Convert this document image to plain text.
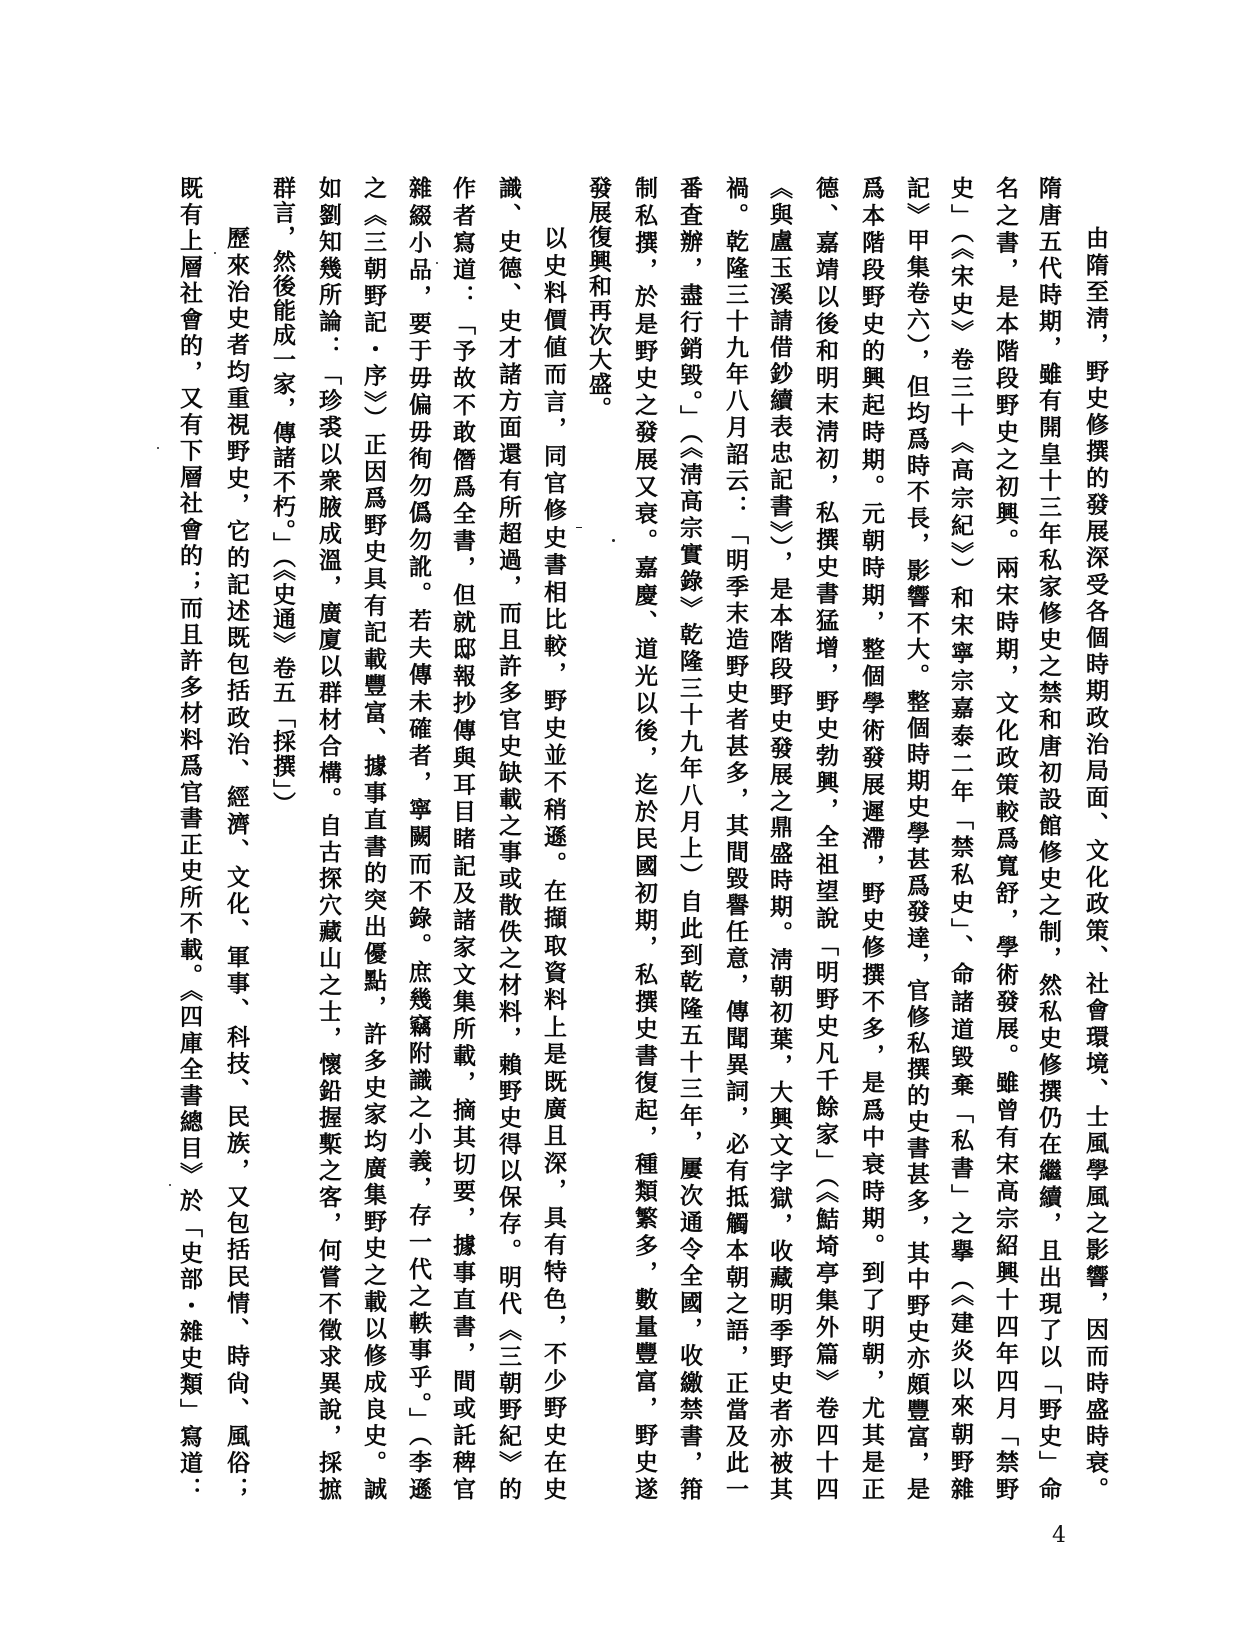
由隋至淸，野史修撰的發展深受各個時期政治局面、文化政策、社會環境、士風學風之影響，因而時盛時衰。
隋唐五代時期，雖有開皇十三年私家修史之禁和唐初設館修史之制，然私史修撰仍在繼續，且出現了以「野史」命
名之書，是本階段野史之初興。兩宋時期，文化政策較爲寬舒，學術發展。雖曾有宋高宗紹興十四年四月「禁野
史」（《宋史》卷三十《高宗紀》）和宋寧宗嘉泰二年「禁私史」、命諸道毀棄「私書」之擧（《建炎以來朝野雜
記》甲集卷六），但均爲時不長，影響不大。整個時期史學甚爲發達，官修私撰的史書甚多，其中野史亦頗豐富，是
爲本階段野史的興起時期。元朝時期，整個學術發展遲滯，野史修撰不多，是爲中衰時期。到了明朝，尤其是正
德、嘉靖以後和明末淸初，私撰史書猛增，野史勃興，全祖望說「明野史凡千餘家」（《鮚埼亭集外篇》卷四十四
《與盧玉溪請借鈔續表忠記書》），是本階段野史發展之鼎盛時期。淸朝初葉，大興文字獄，收藏明季野史者亦被其
禍。乾隆三十九年八月詔云：「明季末造野史者甚多，其間毀譽任意，傳聞異詞，必有抵觸本朝之語，正當及此一
番査辦，盡行銷毀。」（《淸高宗實錄》乾隆三十九年八月上）自此到乾隆五十三年，屢次通令全國，收繳禁書，箝
制私撰，於是野史之發展又衰。嘉慶、道光以後，迄於民國初期，私撰史書復起，種類繁多，數量豐富，野史遂
發展復興和再次大盛。
以史料價値而言，同官修史書相比較，野史並不稍遜。在擷取資料上是既廣且深，具有特色，不少野史在史
識、史德、史才諸方面還有所超過，而且許多官史缺載之事或散佚之材料，賴野史得以保存。明代《三朝野紀》的
作者寫道：「予故不敢僭爲全書，但就邸報抄傳與耳目睹記及諸家文集所載，摘其切要，據事直書，間或託稗官
雜綴小品，要于毋偏毋徇勿僞勿訛。若夫傳未確者，寧闕而不錄。庶幾竊附識之小義，存一代之軼事乎。」（李遜
之《三朝野記・序》）正因爲野史具有記載豐富、據事直書的突出優點，許多史家均廣集野史之載以修成良史。誠
如劉知幾所論：「珍裘以衆腋成溫，廣廈以群材合構。自古探穴藏山之士，懷鉛握槧之客，何嘗不徵求異說，採摭
群言，然後能成一家，傳諸不朽。」（《史通》卷五「採撰」）
歷來治史者均重視野史，它的記述既包括政治、經濟、文化、軍事、科技、民族，又包括民情、時尙、風俗；
既有上層社會的，又有下層社會的；而且許多材料爲官書正史所不載。《四庫全書總目》於「史部・雜史類」寫道：
4
